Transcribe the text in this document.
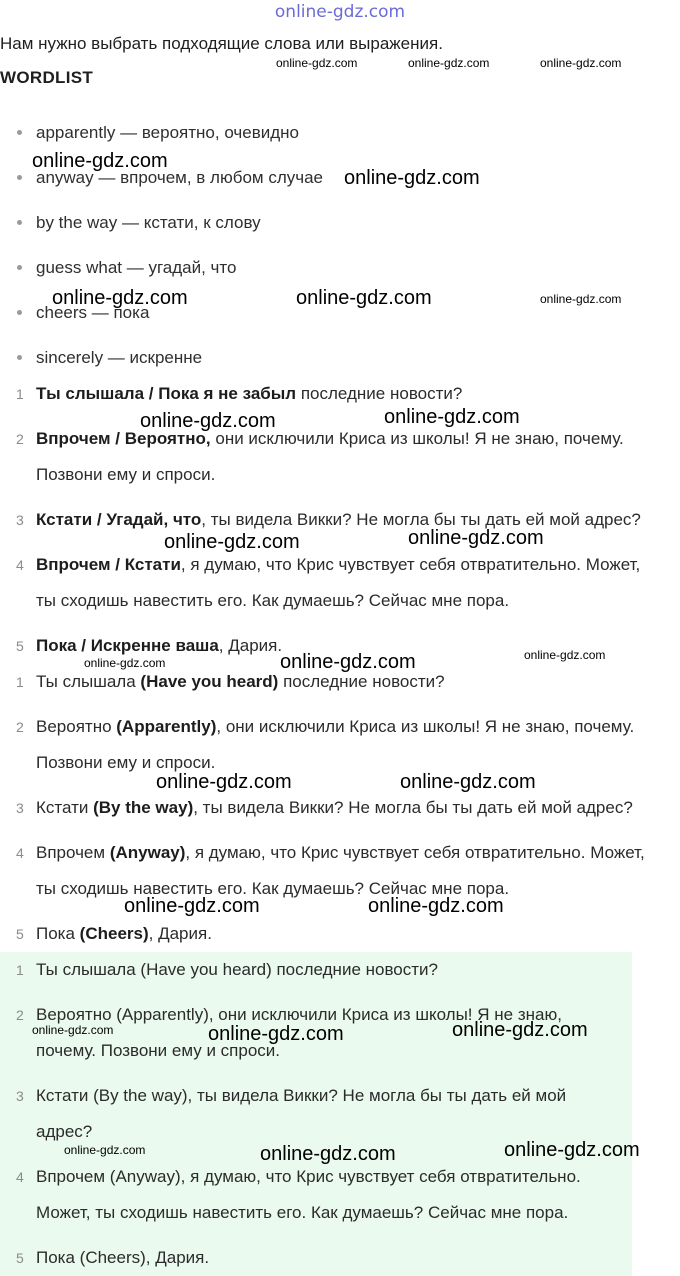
online-gdz.com
Нам нужно выбрать подходящие слова или выражения.
WORDLIST
apparently — вероятно, очевидно
anyway — впрочем, в любом случае
by the way — кстати, к слову
guess what — угадай, что
cheers — пока
sincerely — искренне
1 Ты слышала / Пока я не забыл последние новости?
2 Впрочем / Вероятно, они исключили Криса из школы! Я не знаю, почему.
Позвони ему и спроси.
3 Кстати / Угадай, что, ты видела Викки? Не могла бы ты дать ей мой адрес?
4 Впрочем / Кстати, я думаю, что Крис чувствует себя отвратительно. Может,
ты сходишь навестить его. Как думаешь? Сейчас мне пора.
5 Пока / Искренне ваша, Дария.
1 Ты слышала (Have you heard) последние новости?
2 Вероятно (Apparently), они исключили Криса из школы! Я не знаю, почему.
Позвони ему и спроси.
3 Кстати (By the way), ты видела Викки? Не могла бы ты дать ей мой адрес?
4 Впрочем (Anyway), я думаю, что Крис чувствует себя отвратительно. Может,
ты сходишь навестить его. Как думаешь? Сейчас мне пора.
5 Пока (Cheers), Дария.
1 Ты слышала (Have you heard) последние новости?
2 Вероятно (Apparently), они исключили Криса из школы! Я не знаю,
почему. Позвони ему и спроси.
3 Кстати (By the way), ты видела Викки? Не могла бы ты дать ей мой
адрес?
4 Впрочем (Anyway), я думаю, что Крис чувствует себя отвратительно.
Может, ты сходишь навестить его. Как думаешь? Сейчас мне пора.
5 Пока (Cheers), Дария.
online-gdz.com	online-gdz.com	online-gdz.com
online-gdz.com
online-gdz.com
online-gdz.com	online-gdz.com	online-gdz.com
online-gdz.com	online-gdz.com
online-gdz.com	online-gdz.com
online-gdz.com	online-gdz.com	online-gdz.com
online-gdz.com	online-gdz.com
online-gdz.com	online-gdz.com
online-gdz.com	online-gdz.com	online-gdz.com
online-gdz.com	online-gdz.com	online-gdz.com
